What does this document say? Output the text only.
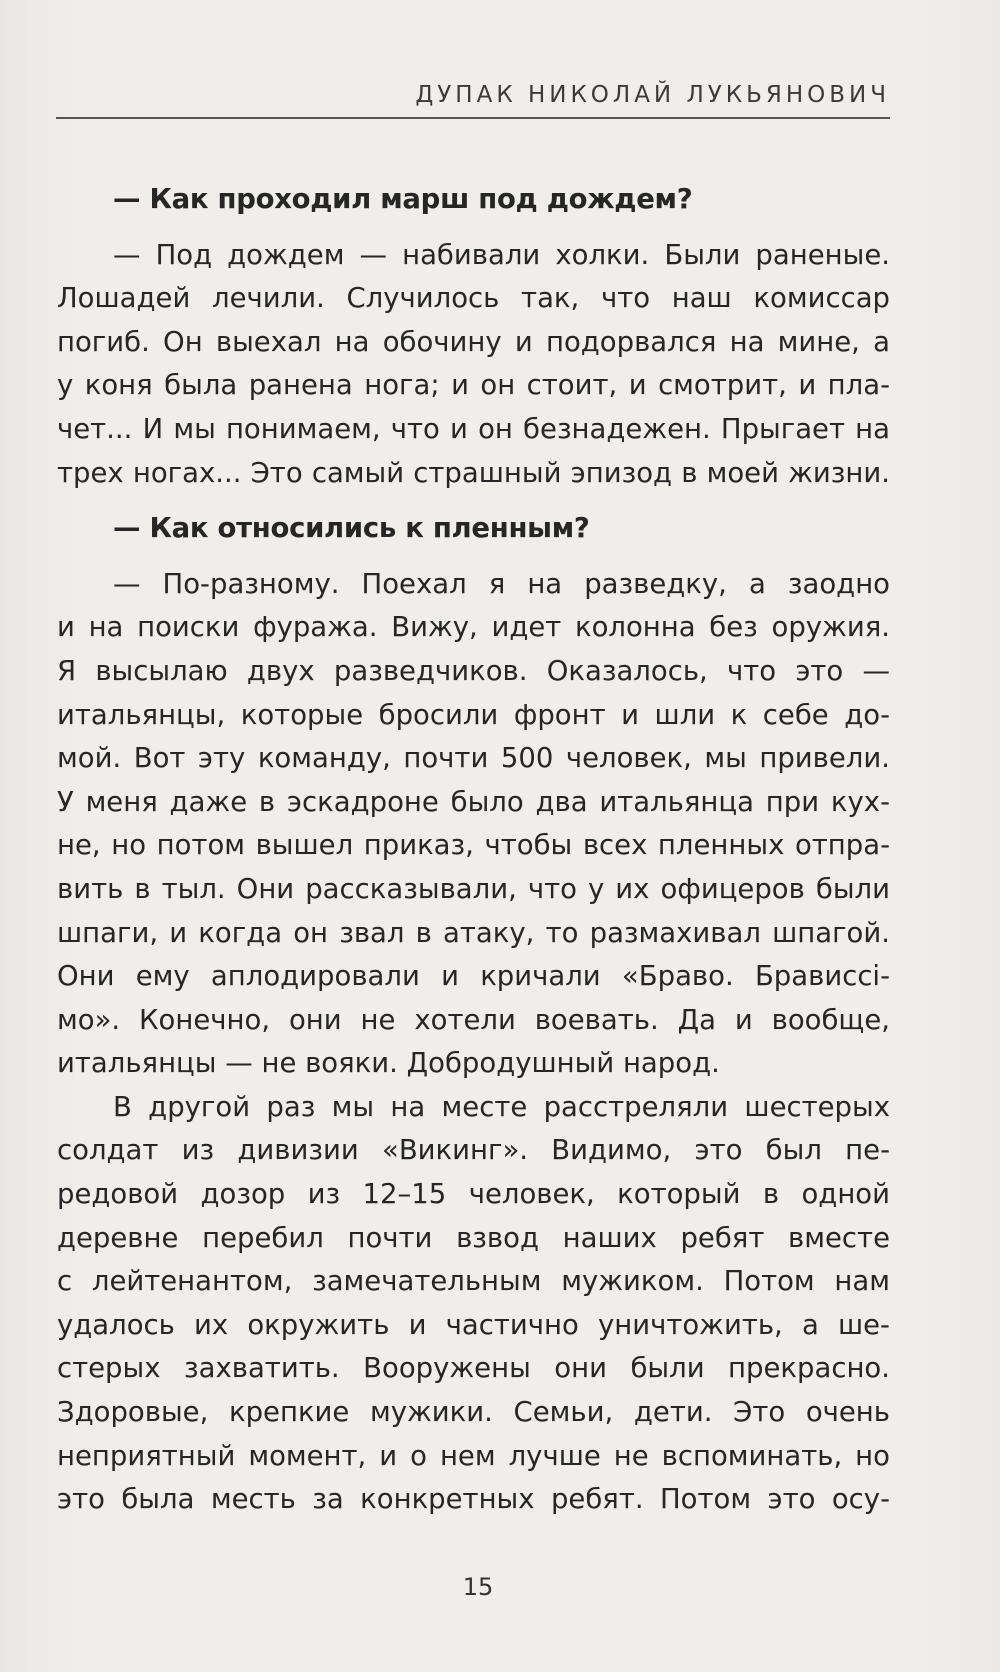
ДУПАК НИКОЛАЙ ЛУКЬЯНОВИЧ
— Как проходил марш под дождем?
— Под дождем — набивали холки. Были раненые.
Лошадей лечили. Случилось так, что наш комиссар
погиб. Он выехал на обочину и подорвался на мине, а
у коня была ранена нога; и он стоит, и смотрит, и пла-
чет... И мы понимаем, что и он безнадежен. Прыгает на
трех ногах... Это самый страшный эпизод в моей жизни.
— Как относились к пленным?
— По-разному. Поехал я на разведку, а заодно
и на поиски фуража. Вижу, идет колонна без оружия.
Я высылаю двух разведчиков. Оказалось, что это —
итальянцы, которые бросили фронт и шли к себе до-
мой. Вот эту команду, почти 500 человек, мы привели.
У меня даже в эскадроне было два итальянца при кух-
не, но потом вышел приказ, чтобы всех пленных отпра-
вить в тыл. Они рассказывали, что у их офицеров были
шпаги, и когда он звал в атаку, то размахивал шпагой.
Они ему аплодировали и кричали «Браво. Брависсі-
мо». Конечно, они не хотели воевать. Да и вообще,
итальянцы — не вояки. Добродушный народ.
В другой раз мы на месте расстреляли шестерых
солдат из дивизии «Викинг». Видимо, это был пе-
редовой дозор из 12–15 человек, который в одной
деревне перебил почти взвод наших ребят вместе
с лейтенантом, замечательным мужиком. Потом нам
удалось их окружить и частично уничтожить, а ше-
стерых захватить. Вооружены они были прекрасно.
Здоровые, крепкие мужики. Семьи, дети. Это очень
неприятный момент, и о нем лучше не вспоминать, но
это была месть за конкретных ребят. Потом это осу-
15
